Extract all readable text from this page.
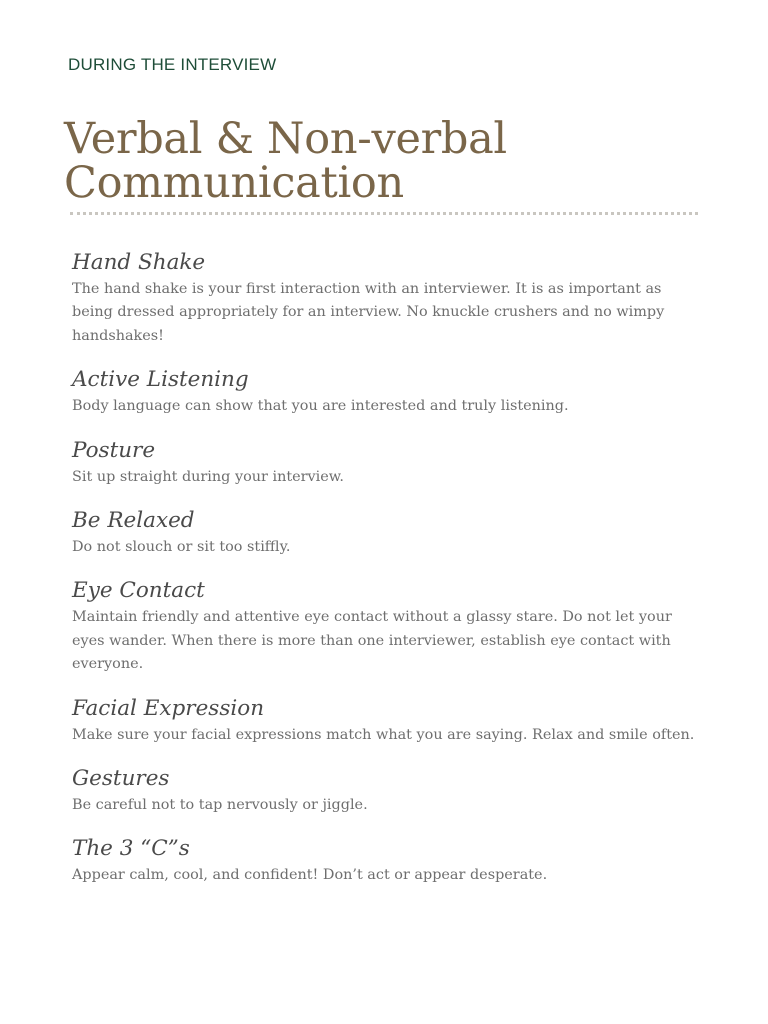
DURING THE INTERVIEW
Verbal & Non-verbal
Communication
Hand Shake

The hand shake is your first interaction with an interviewer. It is as important as being dressed appropriately for an interview. No knuckle crushers and no wimpy handshakes!

Active Listening

Body language can show that you are interested and truly listening.

Posture

Sit up straight during your interview.

Be Relaxed

Do not slouch or sit too stiffly.

Eye Contact

Maintain friendly and attentive eye contact without a glassy stare. Do not let your eyes wander. When there is more than one interviewer, establish eye contact with everyone.

Facial Expression

Make sure your facial expressions match what you are saying. Relax and smile often.

Gestures

Be careful not to tap nervously or jiggle.

The 3 “C”s

Appear calm, cool, and confident! Don’t act or appear desperate.
